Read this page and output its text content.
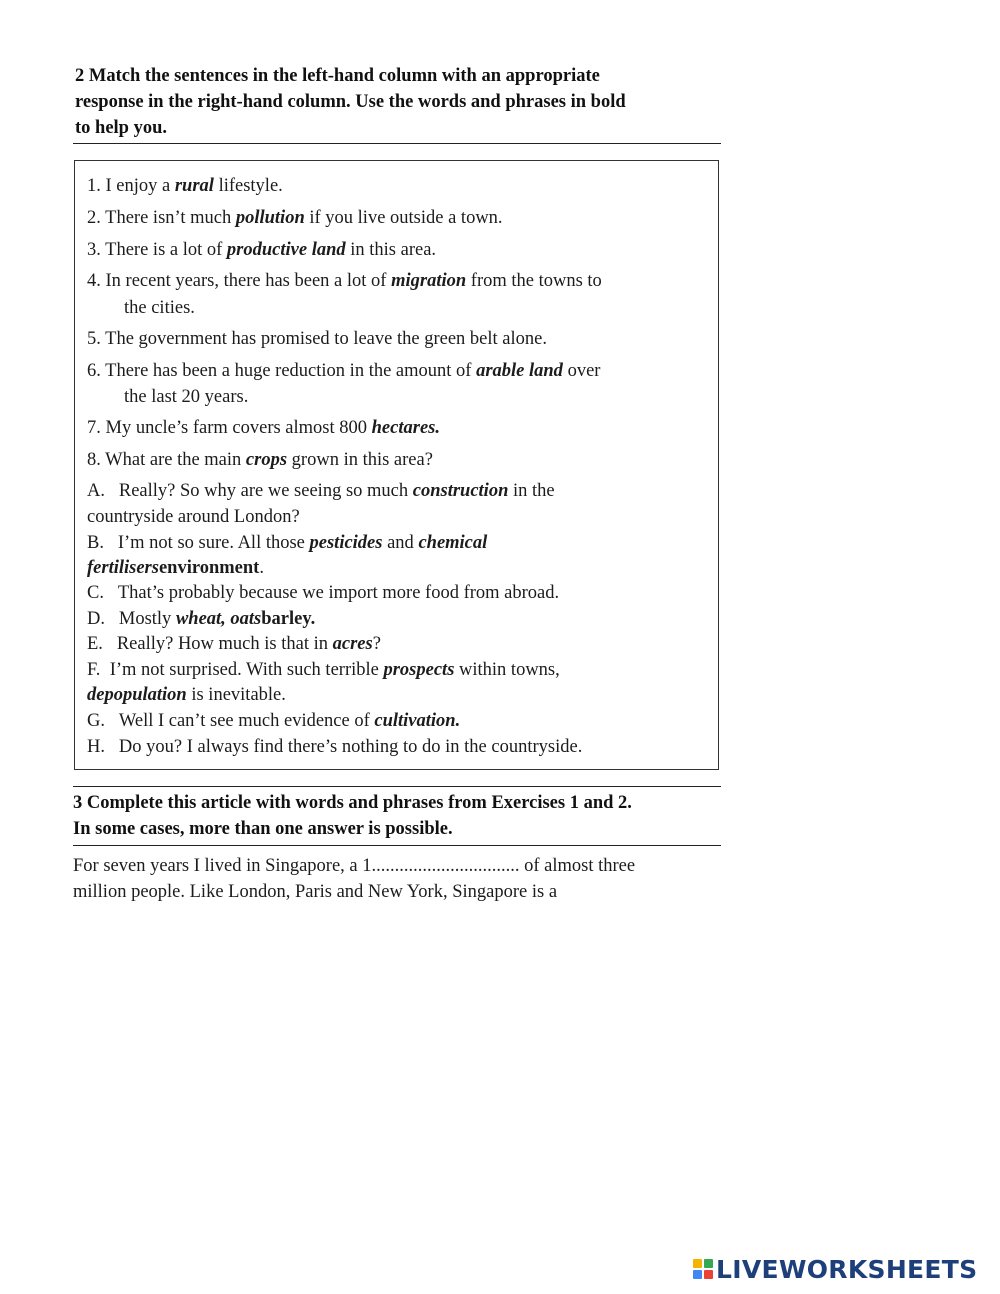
2 Match the sentences in the left-hand column with an appropriate
response in the right-hand column. Use the words and phrases in bold
to help you.
1. I enjoy a rural lifestyle.
2. There isn’t much pollution if you live outside a town.
3. There is a lot of productive land in this area.
4. In recent years, there has been a lot of migration from the towns to
the cities.
5. The government has promised to leave the green belt alone.
6. There has been a huge reduction in the amount of arable land over
the last 20 years.
7. My uncle’s farm covers almost 800 hectares.
8. What are the main crops grown in this area?
A. Really? So why are we seeing so much construction in the
countryside around London?
B. I’m not so sure. All those pesticides and chemical
fertilisersenvironment.
C. That’s probably because we import more food from abroad.
D. Mostly wheat, oatsbarley.
E. Really? How much is that in acres?
F. I’m not surprised. With such terrible prospects within towns,
depopulation is inevitable.
G. Well I can’t see much evidence of cultivation.
H. Do you? I always find there’s nothing to do in the countryside.
3 Complete this article with words and phrases from Exercises 1 and 2.
In some cases, more than one answer is possible.
For seven years I lived in Singapore, a 1................................ of almost three
million people. Like London, Paris and New York, Singapore is a
LIVEWORKSHEETS
